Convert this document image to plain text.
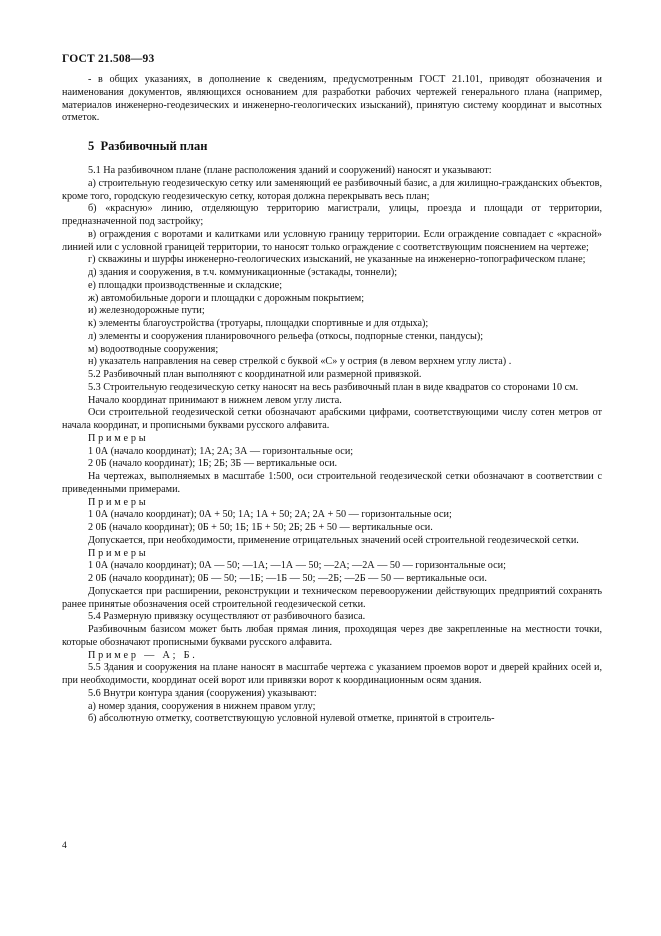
ГОСТ 21.508—93

- в общих указаниях, в дополнение к сведениям, предусмотренным ГОСТ 21.101, приводят обозначения и наименования документов, являющихся основанием для разработки рабочих чертежей генерального плана (например, материалов инженерно-геодезических и инженерно-геологических изысканий), принятую систему координат и высотных отметок.

5 Разбивочный план

5.1 На разбивочном плане (плане расположения зданий и сооружений) наносят и указывают:

а) строительную геодезическую сетку или заменяющий ее разбивочный базис, а для жилищно-гражданских объектов, кроме того, городскую геодезическую сетку, которая должна перекрывать весь план;

б) «красную» линию, отделяющую территорию магистрали, улицы, проезда и площади от территории, предназначенной под застройку;

в) ограждения с воротами и калитками или условную границу территории. Если ограждение совпадает с «красной» линией или с условной границей территории, то наносят только ограждение с соответствующим пояснением на чертеже;

г) скважины и шурфы инженерно-геологических изысканий, не указанные на инженерно-топографическом плане;

д) здания и сооружения, в т.ч. коммуникационные (эстакады, тоннели);

е) площадки производственные и складские;

ж) автомобильные дороги и площадки с дорожным покрытием;

и) железнодорожные пути;

к) элементы благоустройства (тротуары, площадки спортивные и для отдыха);

л) элементы и сооружения планировочного рельефа (откосы, подпорные стенки, пандусы);

м) водоотводные сооружения;

н) указатель направления на север стрелкой с буквой «С» у острия (в левом верхнем углу листа) .

5.2 Разбивочный план выполняют с координатной или размерной привязкой.

5.3 Строительную геодезическую сетку наносят на весь разбивочный план в виде квадратов со сторонами 10 см.

Начало координат принимают в нижнем левом углу листа.

Оси строительной геодезической сетки обозначают арабскими цифрами, соответствующими числу сотен метров от начала координат, и прописными буквами русского алфавита.

Примеры

1 0А (начало координат); 1А; 2А; 3А — горизонтальные оси;

2 0Б (начало координат); 1Б; 2Б; 3Б — вертикальные оси.

На чертежах, выполняемых в масштабе 1:500, оси строительной геодезической сетки обозначают в соответствии с приведенными примерами.

Примеры

1 0А (начало координат); 0А + 50; 1А; 1А + 50; 2А; 2А + 50 — горизонтальные оси;

2 0Б (начало координат); 0Б + 50; 1Б; 1Б + 50; 2Б; 2Б + 50 — вертикальные оси.

Допускается, при необходимости, применение отрицательных значений осей строительной геодезической сетки.

Примеры

1 0А (начало координат); 0А — 50; —1А; —1А — 50; —2А; —2А — 50 — горизонтальные оси;

2 0Б (начало координат); 0Б — 50; —1Б; —1Б — 50; —2Б; —2Б — 50 — вертикальные оси.

Допускается при расширении, реконструкции и техническом перевооружении действующих предприятий сохранять ранее принятые обозначения осей строительной геодезической сетки.

5.4 Размерную привязку осуществляют от разбивочного базиса.

Разбивочным базисом может быть любая прямая линия, проходящая через две закрепленные на местности точки, которые обозначают прописными буквами русского алфавита.

Пример — А; Б.

5.5 Здания и сооружения на плане наносят в масштабе чертежа с указанием проемов ворот и дверей крайних осей и, при необходимости, координат осей ворот или привязки ворот к координационным осям здания.

5.6 Внутри контура здания (сооружения) указывают:

а) номер здания, сооружения в нижнем правом углу;

б) абсолютную отметку, соответствующую условной нулевой отметке, принятой в строитель-

4
